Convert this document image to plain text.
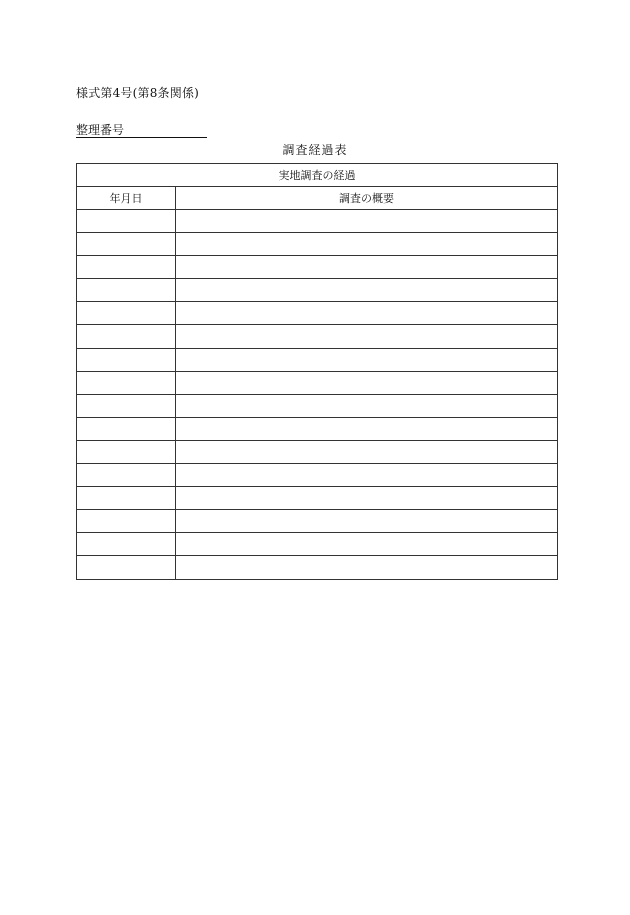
様式第4号(第8条関係)
整理番号
調査経過表
実地調査の経過	
年月日	調査の概要
